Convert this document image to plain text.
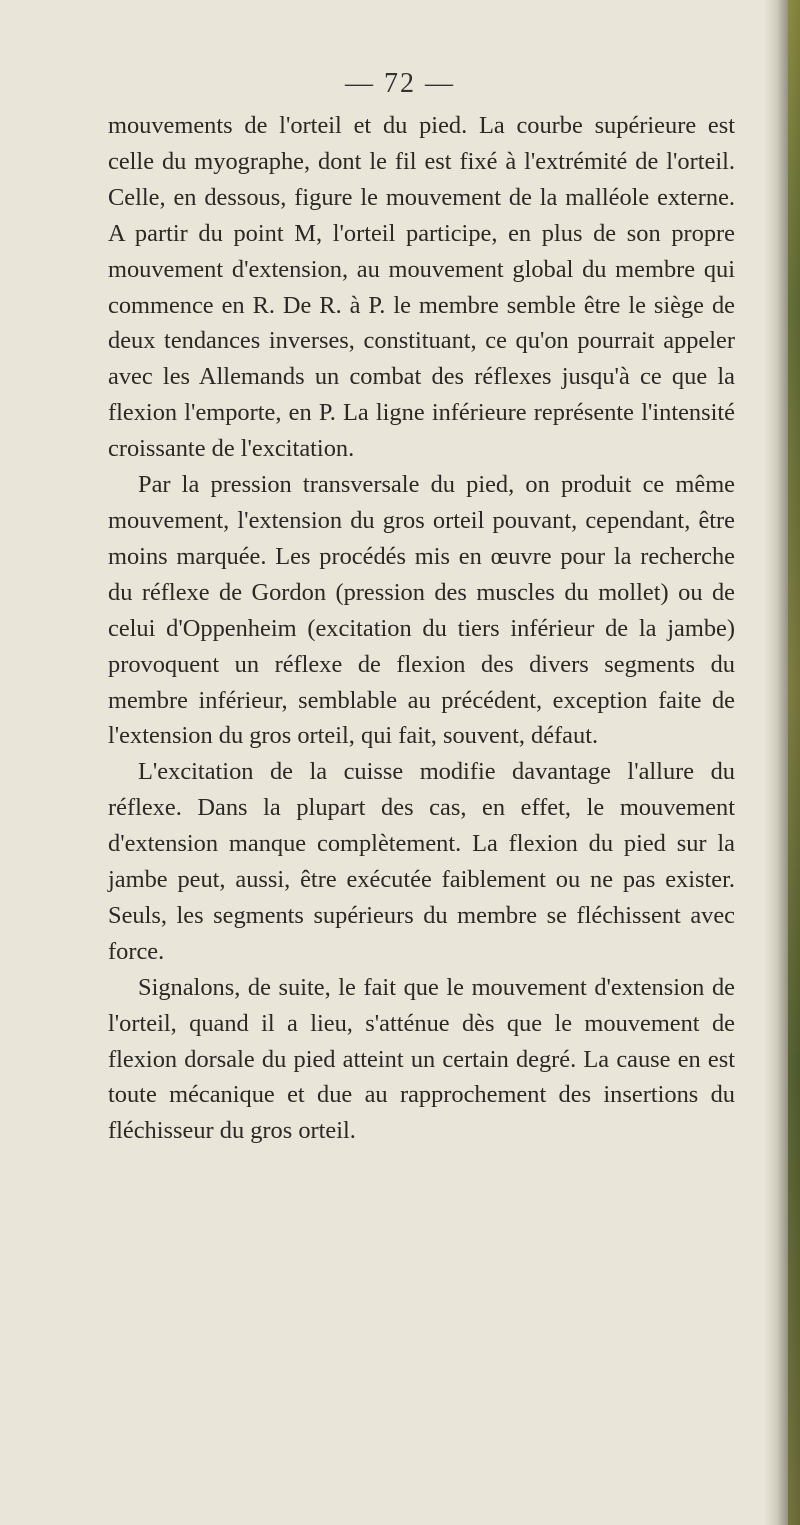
— 72 —

mouvements de l'orteil et du pied. La courbe supérieure est celle du myographe, dont le fil est fixé à l'extrémité de l'orteil. Celle, en dessous, figure le mouvement de la malléole externe. A partir du point M, l'orteil participe, en plus de son propre mouvement d'extension, au mouvement global du membre qui commence en R. De R. à P. le membre semble être le siège de deux tendances inverses, constituant, ce qu'on pourrait appeler avec les Allemands un combat des réflexes jusqu'à ce que la flexion l'emporte, en P. La ligne inférieure représente l'intensité croissante de l'excitation.

Par la pression transversale du pied, on produit ce même mouvement, l'extension du gros orteil pouvant, cependant, être moins marquée. Les procédés mis en œuvre pour la recherche du réflexe de Gordon (pression des muscles du mollet) ou de celui d'Oppenheim (excitation du tiers inférieur de la jambe) provoquent un réflexe de flexion des divers segments du membre inférieur, semblable au précédent, exception faite de l'extension du gros orteil, qui fait, souvent, défaut.

L'excitation de la cuisse modifie davantage l'allure du réflexe. Dans la plupart des cas, en effet, le mouvement d'extension manque complètement. La flexion du pied sur la jambe peut, aussi, être exécutée faiblement ou ne pas exister. Seuls, les segments supérieurs du membre se fléchissent avec force.

Signalons, de suite, le fait que le mouvement d'extension de l'orteil, quand il a lieu, s'atténue dès que le mouvement de flexion dorsale du pied atteint un certain degré. La cause en est toute mécanique et due au rapprochement des insertions du fléchisseur du gros orteil.
